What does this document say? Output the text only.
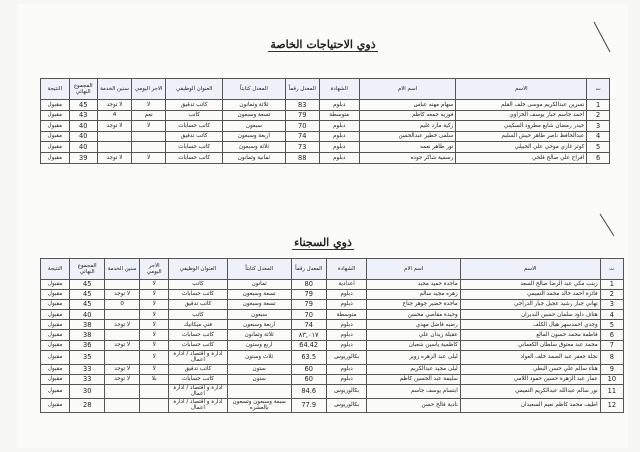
ذوي الاحتياجات الخاصة
ت	الاسم	اسم الام	الشهادة	المعدل رقماً	المعدل كتابتاً	العنوان الوظيفي	الاجر اليومي	سنين الخدمة	المجموع النهائي	النتيجة
1	نسرين عبدالكريم موسى خلف القلم	سهام مهنه عباس	دبلوم	83	ثلاثة وثمانون	كاتب تدقيق	لا	لا توجد	45	مقبول
2	احمد جاسم جبار يوسف الخزاوي	فوزيه جمعه كاظم	متوسطة	79	تسعة وسبعون	كاتب	نعم	4	43	مقبول
3	حيدر رمضان شايع مطرود السكيني	زكية مازد غليم	دبلوم	70	سبعون	كاتب حسابات	لا	لا توجد	40	مقبول
4	عبدالحافظ ناصر طاهر حيش السليم	سلمى خطير عبدالحسن	دبلوم	74	اربعة وسبعون	كاتب تدقيق			40	مقبول
5	كوثر غازي موحي علي الجبيلي	نور طاهر نعمه	دبلوم	73	ثلاثة وسبعون	كاتب حسابات			40	مقبول
6	افراح علي صالح فلحي	رسمية شاكر جوده	دبلوم	88	ثمانية وثمانون	كاتب حسابات	لا	لا توجد	39	مقبول
ذوي السجناء
ت	الاسم	اسم الام	الشهادة	المعدل رقماً	المعدل كتابتاً	العنوان الوظيفي	الاجر اليومي	سنين الخدمة	المجموع النهائي	النتيجة
1	زينب مكي عبد الرضا صالح السعد	ماجدة حميد مجيد	اعدادية	80	ثمانون	كاتب	لا		45	مقبول
2	فائزة احمد خالد محمد التميمي	زهره مجيد سالم	دبلوم	79	تسعة وسبعون	كاتب حسابات	لا	لا توجد	45	مقبول
3	تهاني جبار رشيد عجيل جبار الدراجي	ماجدة خضير جوهر جناح	دبلوم	79	تسعة وسبعون	كاتب تدقيق	لا	0	45	مقبول
4	هتاف داود سلمان حسين البديران	وحيدة مقاصي محسن	متوسطة	70	سبعون	كاتب	لا		40	مقبول
5	وجدي احمدسهر هيال الكلف	رضيه فاضل مهدي	دبلوم	74	اربعة وسبعون	فني ميكانيك	لا	لا توجد	38	مقبول
6	فاطمة محمد حسون المالع	عقيلة زيدان علي	دبلوم	٨٣,٠١٧	ثلاثة وثمانون	كاتب حسابات	لا		38	مقبول
7	محمد عبد معتوق سلطان الكعماني	كاظمية ياسين شعبان	دبلوم	64.42	اربع وستون	كاتب حسابات	لا	لا توجد	36	مقبول
8	نجلة جعفر عبد الصمد خلف العواد	ليلى عبد الزهره زوير	بكالوريوس	63.5	ثلاث وستون	ادارة و اقتصاد / ادارة اعمال	لا		35	مقبول
9	هناء سالم علي حسن البطي	ليلى مجيد عبدالكريم	دبلوم	60	ستون	كاتب تدقيق	لا	لا توجد	33	مقبول
10	عمار عبد الزهرة حسين حمود اللامي	سليمة عبد الحسين كاظم	دبلوم	60	ستون	كاتب حسابات	بلا	لا توجد	33	مقبول
11	نور سالم عبدالله عبدالكريم التميمي	ابتسام يوسف جاسم	بكالوريوس	84.6		ادارة و اقتصاد / ادارة اعمال			30	مقبول
12	اطيف محمد كاظم نعيم السعيدان	نادية فالح حسن	بكالوريوس	77.9	سبعة وسبعون وتسعون بالعشره	ادارة و اقتصاد / ادارة اعمال			28	مقبول
